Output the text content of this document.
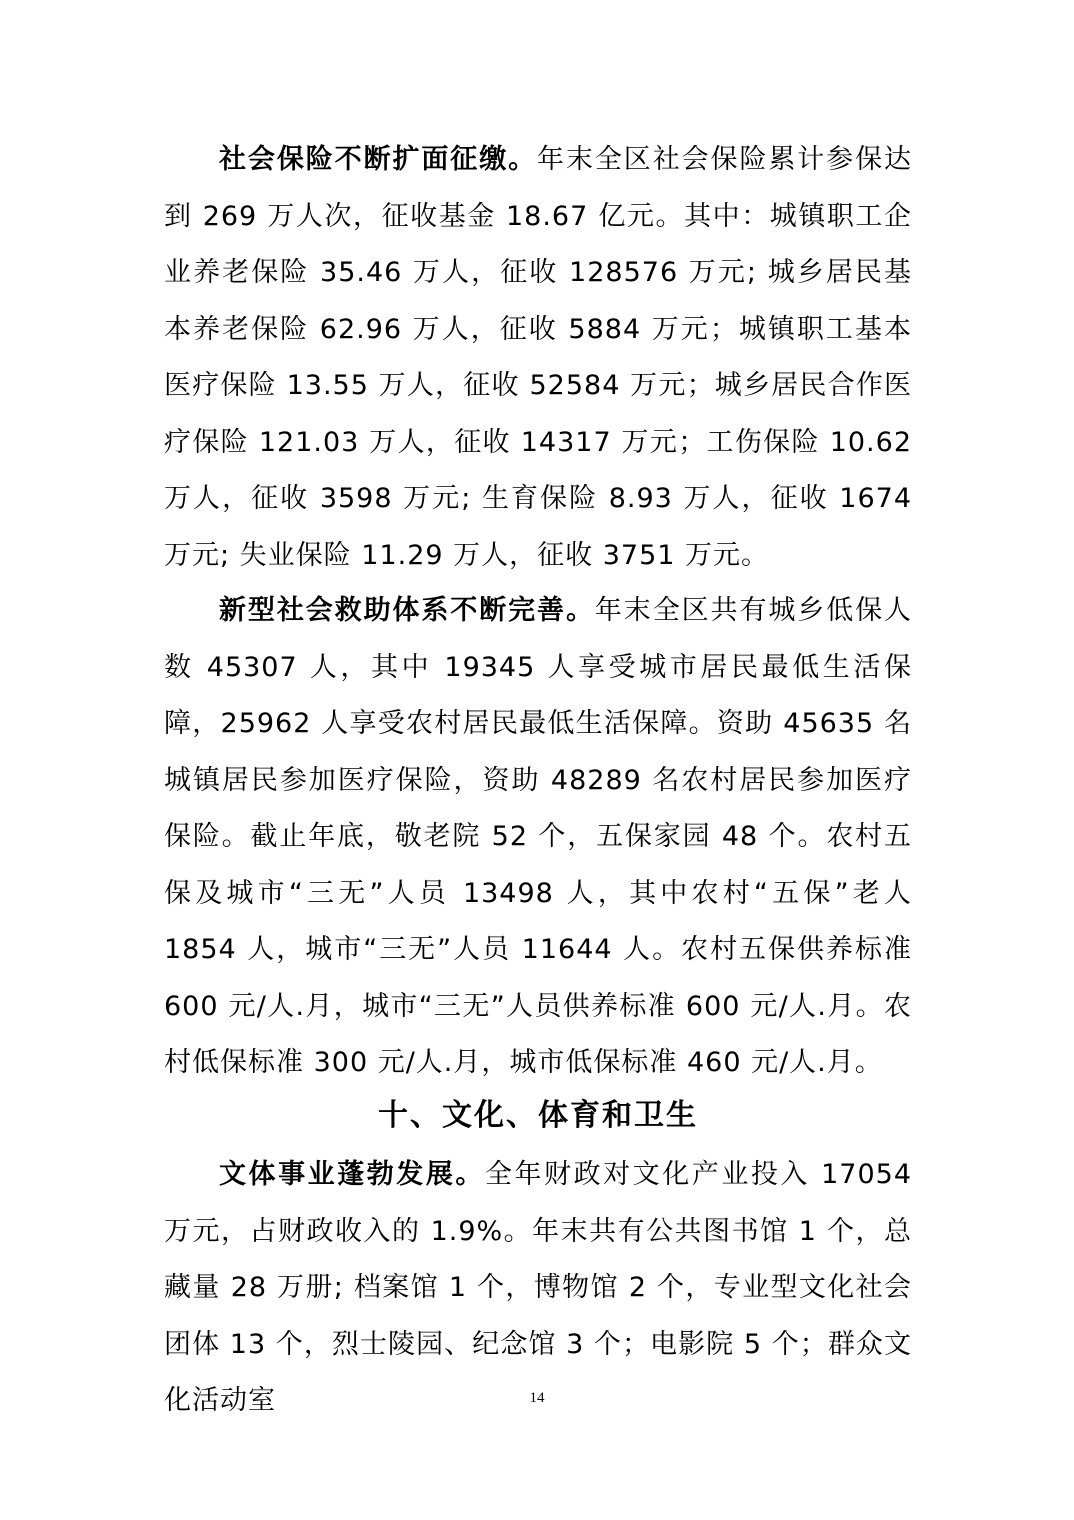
社会保险不断扩面征缴。年末全区社会保险累计参保达到 269 万人次，征收基金 18.67 亿元。其中：城镇职工企业养老保险 35.46 万人，征收 128576 万元; 城乡居民基本养老保险 62.96 万人，征收 5884 万元；城镇职工基本医疗保险 13.55 万人，征收 52584 万元；城乡居民合作医疗保险 121.03 万人，征收 14317 万元；工伤保险 10.62 万人，征收 3598 万元; 生育保险 8.93 万人，征收 1674 万元; 失业保险 11.29 万人，征收 3751 万元。

新型社会救助体系不断完善。年末全区共有城乡低保人数 45307 人，其中 19345 人享受城市居民最低生活保障，25962 人享受农村居民最低生活保障。资助 45635 名城镇居民参加医疗保险，资助 48289 名农村居民参加医疗保险。截止年底，敬老院 52 个，五保家园 48 个。农村五保及城市“三无”人员 13498 人，其中农村“五保”老人 1854 人，城市“三无”人员 11644 人。农村五保供养标准 600 元/人.月，城市“三无”人员供养标准 600 元/人.月。农村低保标准 300 元/人.月，城市低保标准 460 元/人.月。

十、文化、体育和卫生

文体事业蓬勃发展。全年财政对文化产业投入 17054 万元，占财政收入的 1.9%。年末共有公共图书馆 1 个，总藏量 28 万册; 档案馆 1 个，博物馆 2 个，专业型文化社会团体 13 个，烈士陵园、纪念馆 3 个；电影院 5 个；群众文化活动室	14
